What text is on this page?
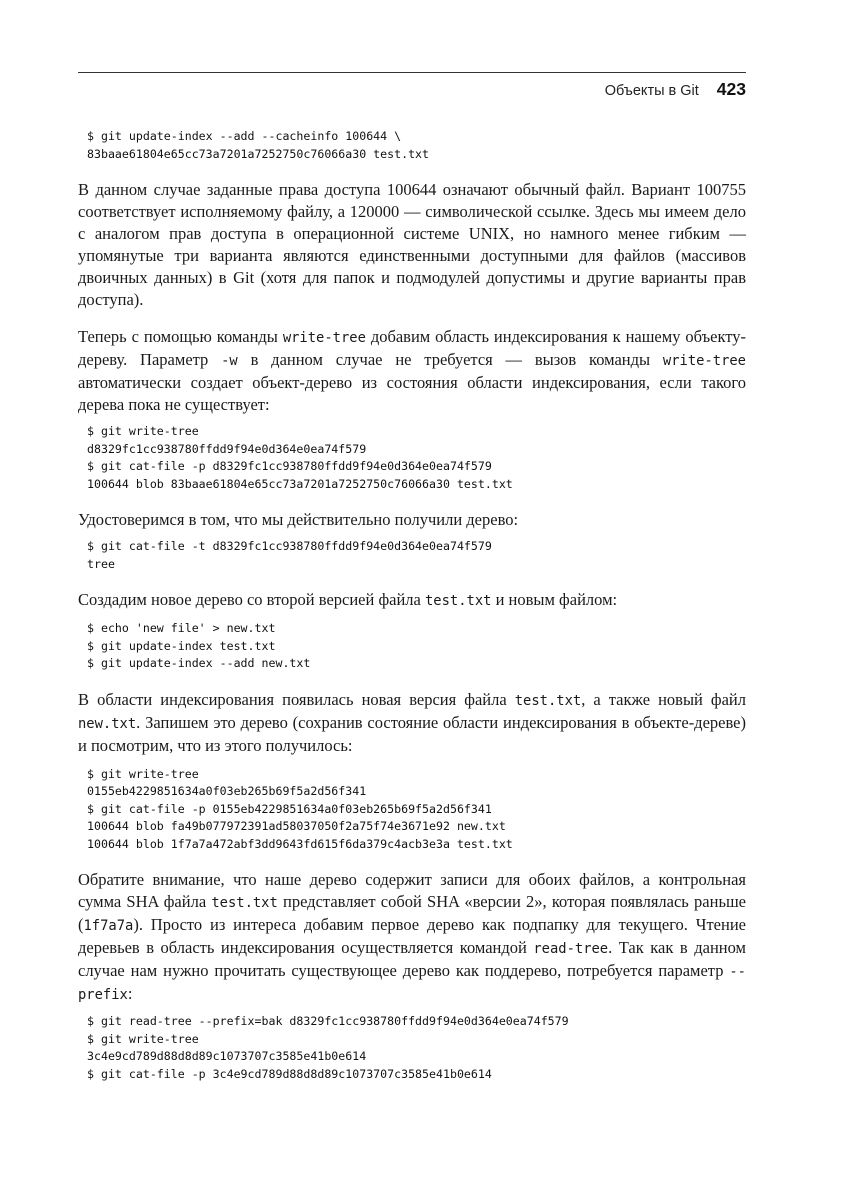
Объекты в Git 423
$ git update-index --add --cacheinfo 100644 \
83baae61804e65cc73a7201a7252750c76066a30 test.txt

В данном случае заданные права доступа 100644 означают обычный файл. Вариант 100755 соответствует исполняемому файлу, а 120000 — символической ссылке. Здесь мы имеем дело с аналогом прав доступа в операционной системе UNIX, но намного менее гибким — упомянутые три варианта являются единственными доступными для файлов (массивов двоичных данных) в Git (хотя для папок и подмодулей допустимы и другие варианты прав доступа).

Теперь с помощью команды write-tree добавим область индексирования к нашему объекту-дереву. Параметр -w в данном случае не требуется — вызов команды write-tree автоматически создает объект-дерево из состояния области индексирования, если такого дерева пока не существует:

$ git write-tree
d8329fc1cc938780ffdd9f94e0d364e0ea74f579
$ git cat-file -p d8329fc1cc938780ffdd9f94e0d364e0ea74f579
100644 blob 83baae61804e65cc73a7201a7252750c76066a30 test.txt

Удостоверимся в том, что мы действительно получили дерево:

$ git cat-file -t d8329fc1cc938780ffdd9f94e0d364e0ea74f579
tree

Создадим новое дерево со второй версией файла test.txt и новым файлом:

$ echo 'new file' > new.txt
$ git update-index test.txt
$ git update-index --add new.txt

В области индексирования появилась новая версия файла test.txt, а также новый файл new.txt. Запишем это дерево (сохранив состояние области индексирования в объекте-дереве) и посмотрим, что из этого получилось:

$ git write-tree
0155eb4229851634a0f03eb265b69f5a2d56f341
$ git cat-file -p 0155eb4229851634a0f03eb265b69f5a2d56f341
100644 blob fa49b077972391ad58037050f2a75f74e3671e92 new.txt
100644 blob 1f7a7a472abf3dd9643fd615f6da379c4acb3e3a test.txt

Обратите внимание, что наше дерево содержит записи для обоих файлов, а контрольная сумма SHA файла test.txt представляет собой SHA «версии 2», которая появлялась раньше (1f7a7a). Просто из интереса добавим первое дерево как подпапку для текущего. Чтение деревьев в область индексирования осуществляется командой read-tree. Так как в данном случае нам нужно прочитать существующее дерево как поддерево, потребуется параметр --prefix:

$ git read-tree --prefix=bak d8329fc1cc938780ffdd9f94e0d364e0ea74f579
$ git write-tree
3c4e9cd789d88d8d89c1073707c3585e41b0e614
$ git cat-file -p 3c4e9cd789d88d8d89c1073707c3585e41b0e614
